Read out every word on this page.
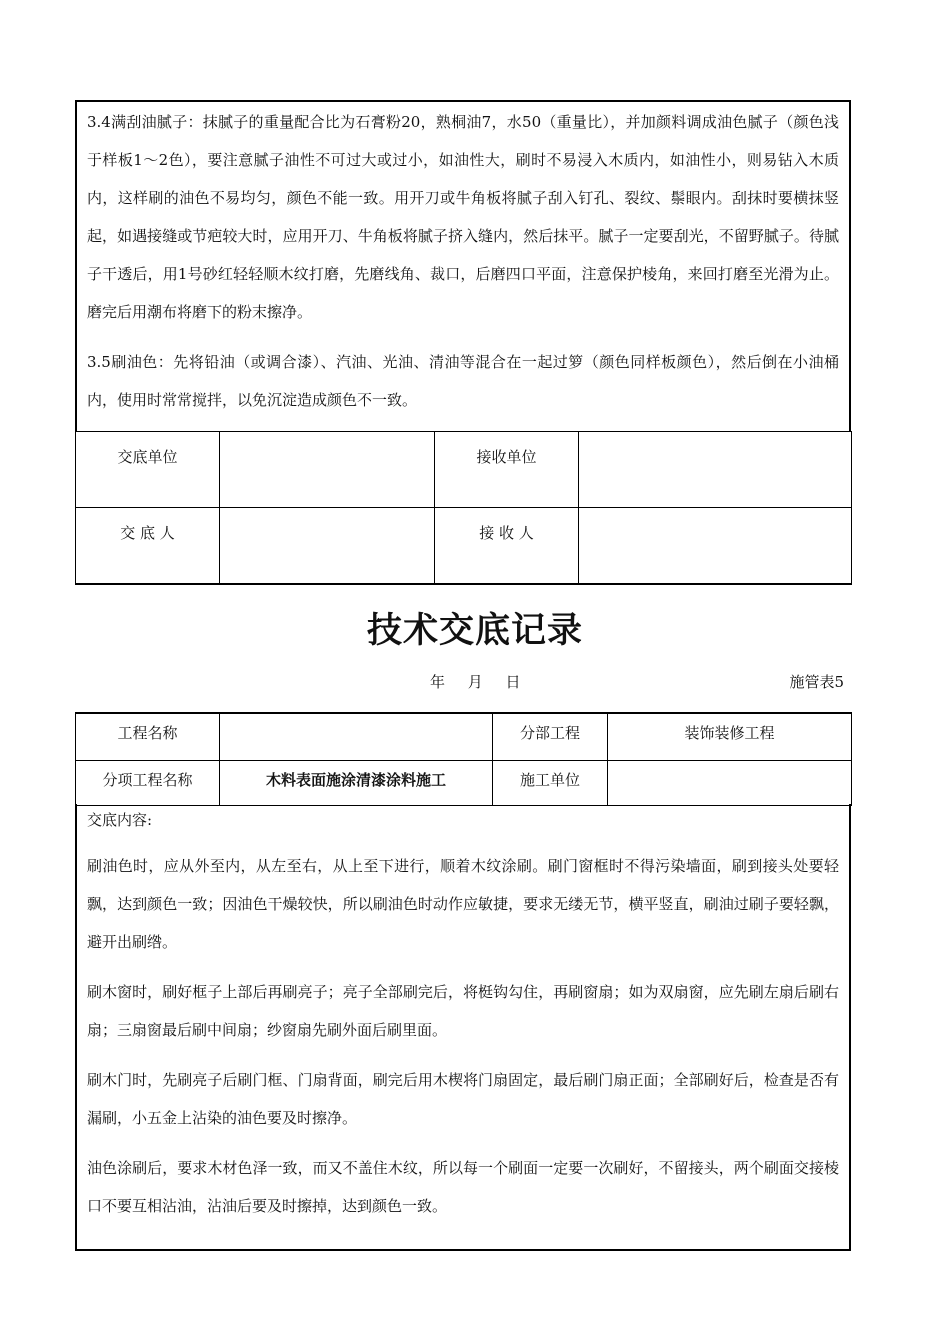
3.4满刮油腻子：抹腻子的重量配合比为石膏粉20，熟桐油7，水50（重量比），并加颜料调成油色腻子（颜色浅于样板1～2色），要注意腻子油性不可过大或过小，如油性大，刷时不易浸入木质内，如油性小，则易钻入木质内，这样刷的油色不易均匀，颜色不能一致。用开刀或牛角板将腻子刮入钉孔、裂纹、鬃眼内。刮抹时要横抹竖起，如遇接缝或节疤较大时，应用开刀、牛角板将腻子挤入缝内，然后抹平。腻子一定要刮光，不留野腻子。待腻子干透后，用1号砂红轻轻顺木纹打磨，先磨线角、裁口，后磨四口平面，注意保护棱角，来回打磨至光滑为止。磨完后用潮布将磨下的粉末擦净。

3.5刷油色：先将铅油（或调合漆）、汽油、光油、清油等混合在一起过箩（颜色同样板颜色），然后倒在小油桶内，使用时常常搅拌，以免沉淀造成颜色不一致。

交底单位		接收单位	
交 底 人		接 收 人	
技术交底记录
年 月 日	施管表5
工程名称		分部工程	装饰装修工程
分项工程名称	木料表面施涂清漆涂料施工	施工单位	

交底内容:

刷油色时，应从外至内，从左至右，从上至下进行，顺着木纹涂刷。刷门窗框时不得污染墙面，刷到接头处要轻飘，达到颜色一致；因油色干燥较快，所以刷油色时动作应敏捷，要求无缕无节，横平竖直，刷油过刷子要轻飘，避开出刷绺。

刷木窗时，刷好框子上部后再刷亮子；亮子全部刷完后，将梃钩勾住，再刷窗扇；如为双扇窗，应先刷左扇后刷右扇；三扇窗最后刷中间扇；纱窗扇先刷外面后刷里面。

刷木门时，先刷亮子后刷门框、门扇背面，刷完后用木楔将门扇固定，最后刷门扇正面；全部刷好后，检查是否有漏刷，小五金上沾染的油色要及时擦净。

油色涂刷后，要求木材色泽一致，而又不盖住木纹，所以每一个刷面一定要一次刷好，不留接头，两个刷面交接棱口不要互相沾油，沾油后要及时擦掉，达到颜色一致。
